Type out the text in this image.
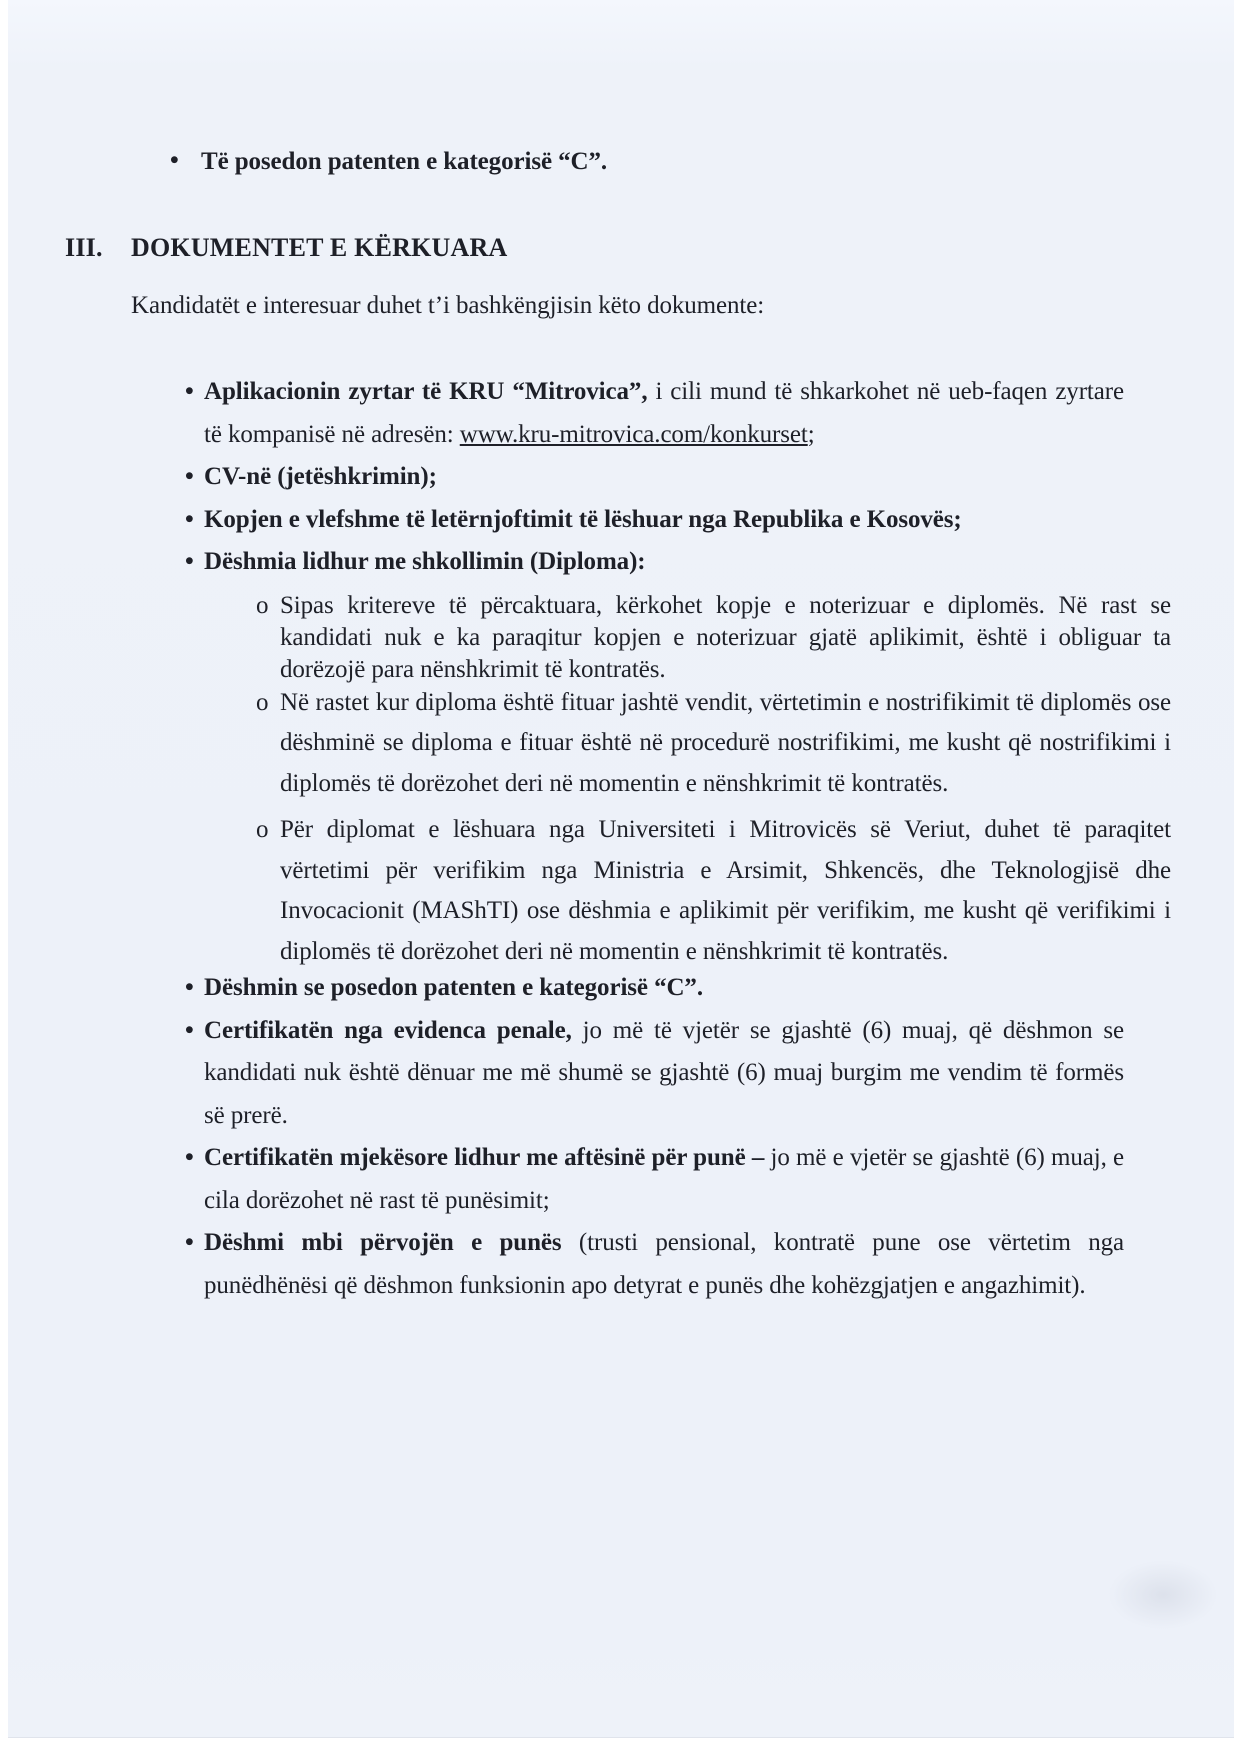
• Të posedon patenten e kategorisë “C”.
III. DOKUMENTET E KËRKUARA
Kandidatët e interesuar duhet t’i bashkëngjisin këto dokumente:
• Aplikacionin zyrtar të KRU “Mitrovica”, i cili mund të shkarkohet në ueb-faqen zyrtare të kompanisë në adresën: www.kru-mitrovica.com/konkurset;
• CV-në (jetëshkrimin);
• Kopjen e vlefshme të letërnjoftimit të lëshuar nga Republika e Kosovës;
• Dëshmia lidhur me shkollimin (Diploma):
o Sipas kritereve të përcaktuara, kërkohet kopje e noterizuar e diplomës. Në rast se kandidati nuk e ka paraqitur kopjen e noterizuar gjatë aplikimit, është i obliguar ta dorëzojë para nënshkrimit të kontratës.
o Në rastet kur diploma është fituar jashtë vendit, vërtetimin e nostrifikimit të diplomës ose dëshminë se diploma e fituar është në procedurë nostrifikimi, me kusht që nostrifikimi i diplomës të dorëzohet deri në momentin e nënshkrimit të kontratës.
o Për diplomat e lëshuara nga Universiteti i Mitrovicës së Veriut, duhet të paraqitet vërtetimi për verifikim nga Ministria e Arsimit, Shkencës, dhe Teknologjisë dhe Invocacionit (MAShTI) ose dëshmia e aplikimit për verifikim, me kusht që verifikimi i diplomës të dorëzohet deri në momentin e nënshkrimit të kontratës.
• Dëshmin se posedon patenten e kategorisë “C”.
• Certifikatën nga evidenca penale, jo më të vjetër se gjashtë (6) muaj, që dëshmon se kandidati nuk është dënuar me më shumë se gjashtë (6) muaj burgim me vendim të formës së prerë.
• Certifikatën mjekësore lidhur me aftësinë për punë – jo më e vjetër se gjashtë (6) muaj, e cila dorëzohet në rast të punësimit;
• Dëshmi mbi përvojën e punës (trusti pensional, kontratë pune ose vërtetim nga punëdhënësi që dëshmon funksionin apo detyrat e punës dhe kohëzgjatjen e angazhimit).
